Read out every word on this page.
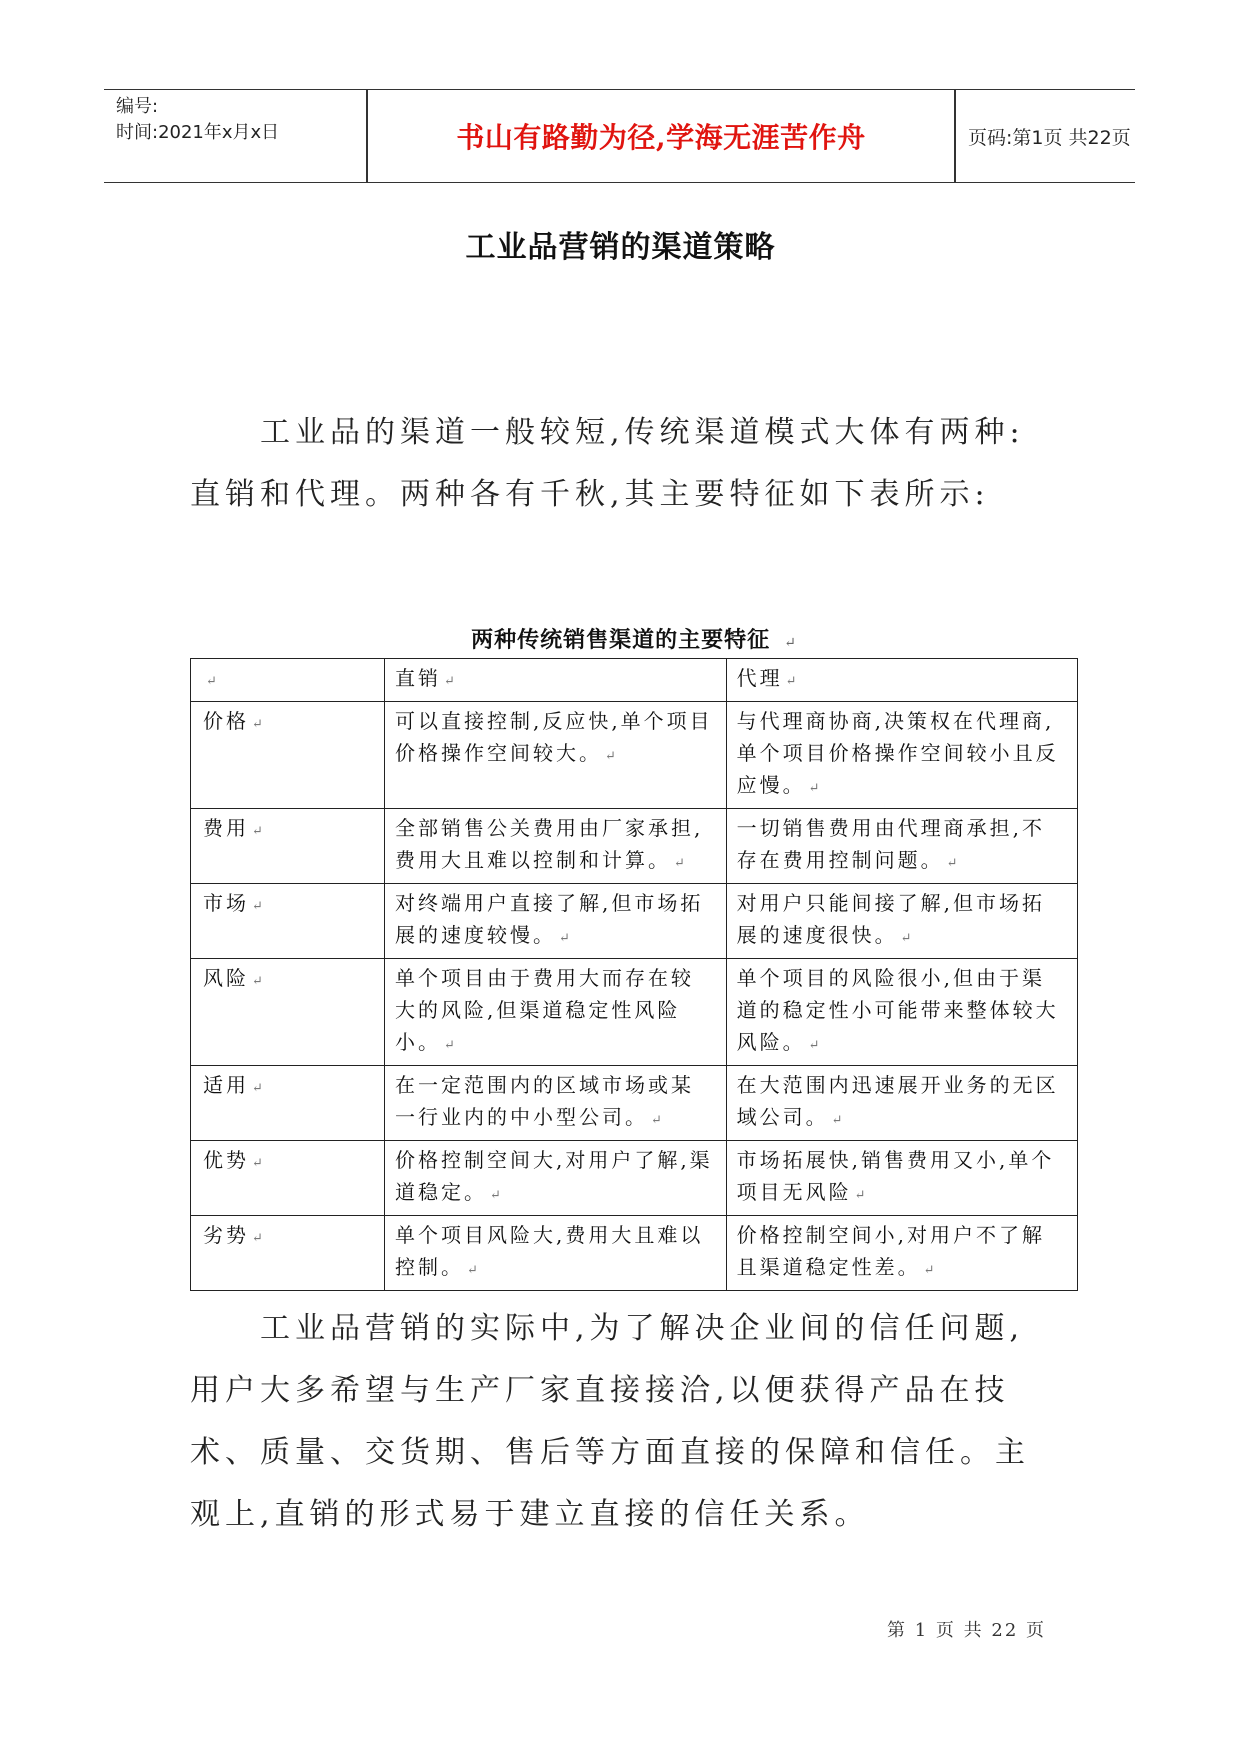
编号:
时间:2021年x月x日	书山有路勤为径,学海无涯苦作舟	页码:第1页 共22页
工业品营销的渠道策略
工业品的渠道一般较短,传统渠道模式大体有两种:直销和代理。两种各有千秋,其主要特征如下表所示:
两种传统销售渠道的主要特征 ↵
↵	直销 ↵	代理 ↵
价格 ↵	可以直接控制,反应快,单个项目价格操作空间较大。 ↵	与代理商协商,决策权在代理商,单个项目价格操作空间较小且反应慢。 ↵
费用 ↵	全部销售公关费用由厂家承担,费用大且难以控制和计算。 ↵	一切销售费用由代理商承担,不存在费用控制问题。 ↵
市场 ↵	对终端用户直接了解,但市场拓展的速度较慢。 ↵	对用户只能间接了解,但市场拓展的速度很快。 ↵
风险 ↵	单个项目由于费用大而存在较大的风险,但渠道稳定性风险小。 ↵	单个项目的风险很小,但由于渠道的稳定性小可能带来整体较大风险。 ↵
适用 ↵	在一定范围内的区域市场或某一行业内的中小型公司。 ↵	在大范围内迅速展开业务的无区域公司。 ↵
优势 ↵	价格控制空间大,对用户了解,渠道稳定。 ↵	市场拓展快,销售费用又小,单个项目无风险 ↵
劣势 ↵	单个项目风险大,费用大且难以控制。 ↵	价格控制空间小,对用户不了解且渠道稳定性差。 ↵
工业品营销的实际中,为了解决企业间的信任问题,用户大多希望与生产厂家直接接洽,以便获得产品在技术、质量、交货期、售后等方面直接的保障和信任。主观上,直销的形式易于建立直接的信任关系。
第 1 页 共 22 页
